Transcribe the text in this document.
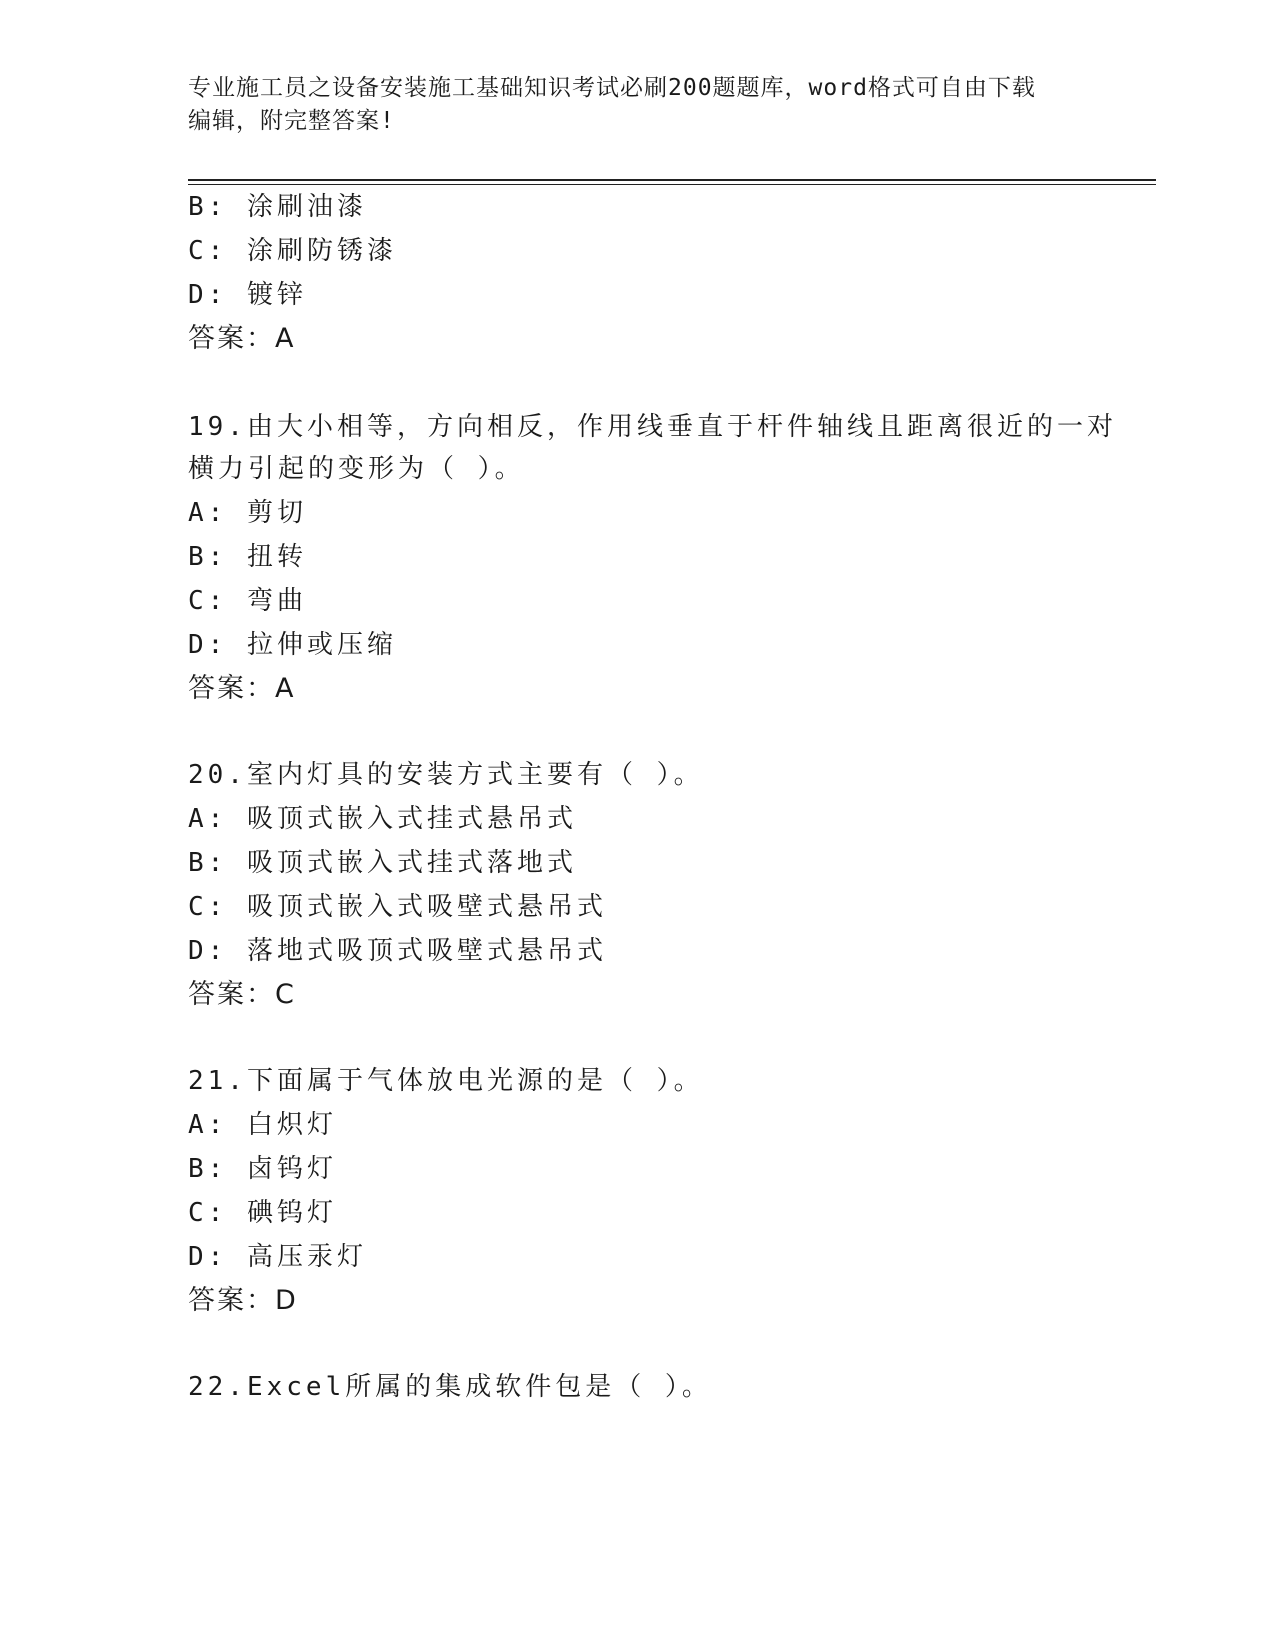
专业施工员之设备安装施工基础知识考试必刷200题题库，word格式可自由下载
编辑，附完整答案!
B: 涂刷油漆
C: 涂刷防锈漆
D: 镀锌
答案：A
19.由大小相等，方向相反，作用线垂直于杆件轴线且距离很近的一对
横力引起的变形为（ ）。
A: 剪切
B: 扭转
C: 弯曲
D: 拉伸或压缩
答案：A
20.室内灯具的安装方式主要有（ ）。
A: 吸顶式嵌入式挂式悬吊式
B: 吸顶式嵌入式挂式落地式
C: 吸顶式嵌入式吸壁式悬吊式
D: 落地式吸顶式吸壁式悬吊式
答案：C
21.下面属于气体放电光源的是（ ）。
A: 白炽灯
B: 卤钨灯
C: 碘钨灯
D: 高压汞灯
答案：D
22.Excel所属的集成软件包是（ ）。
